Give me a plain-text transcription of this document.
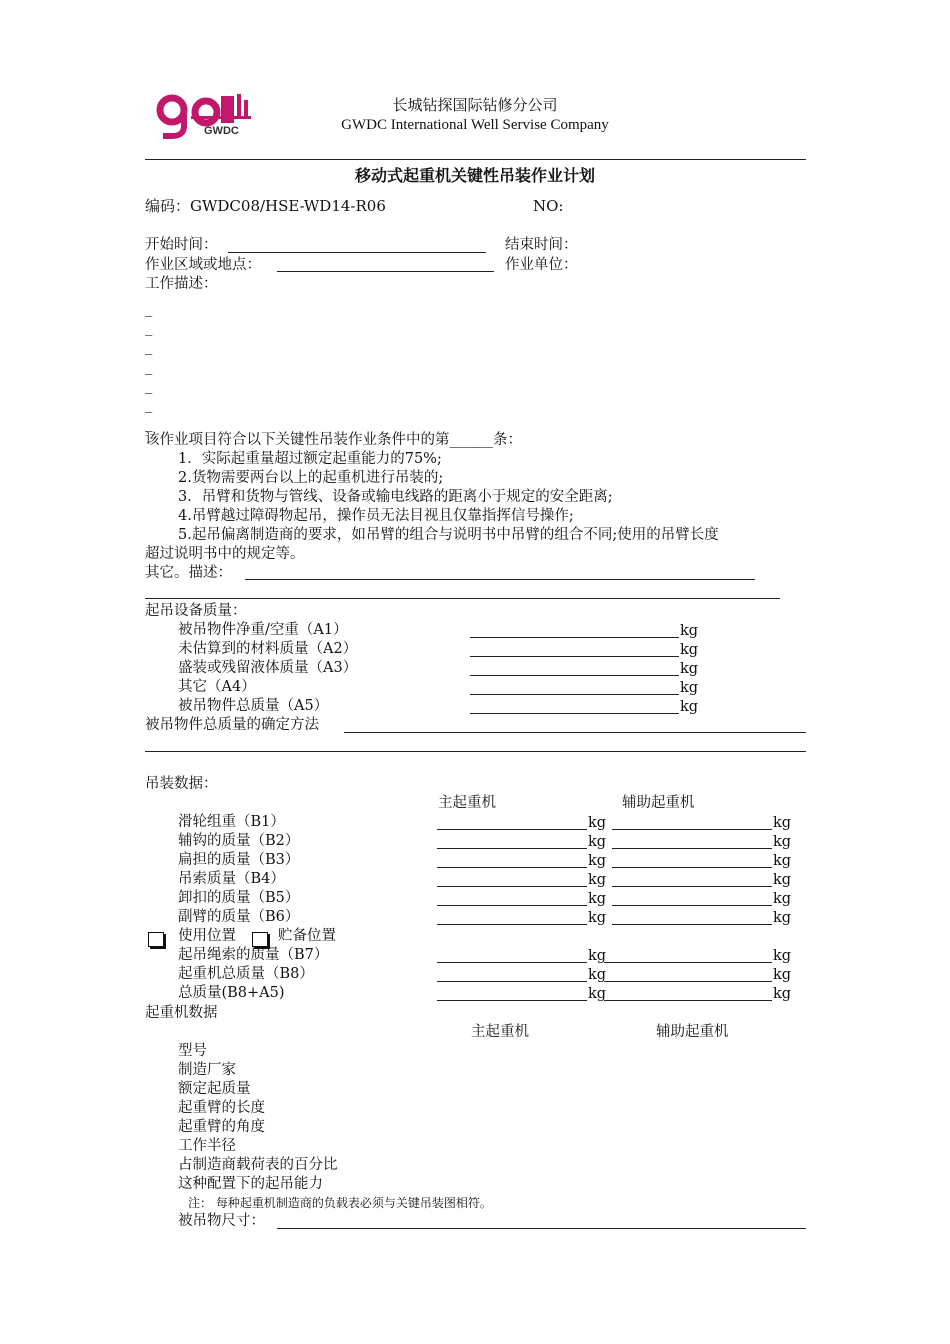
GWDC
长城钻探国际钻修分公司
GWDC International Well Servise Company
移动式起重机关键性吊装作业计划
编码：GWDC08/HSE-WD14-R06	NO:
开始时间：	结束时间：
作业区域或地点：	作业单位：
工作描述：
_
_
_
_
_
_
_
该作业项目符合以下关键性吊装作业条件中的第______条：
1．实际起重量超过额定起重能力的75%;
2.货物需要两台以上的起重机进行吊装的;
3．吊臂和货物与管线、设备或输电线路的距离小于规定的安全距离;
4.吊臂越过障碍物起吊，操作员无法目视且仅靠指挥信号操作;
5.起吊偏离制造商的要求，如吊臂的组合与说明书中吊臂的组合不同;使用的吊臂长度
超过说明书中的规定等。
其它。描述：
起吊设备质量：
被吊物件净重/空重（A1）	kg
未估算到的材料质量（A2）	kg
盛装或残留液体质量（A3）	kg
其它（A4）	kg
被吊物件总质量（A5）	kg
被吊物件总质量的确定方法
吊装数据：
主起重机	辅助起重机
滑轮组重（B1）	kg	kg
辅钩的质量（B2）	kg	kg
扁担的质量（B3）	kg	kg
吊索质量（B4）	kg	kg
卸扣的质量（B5）	kg	kg
副臂的质量（B6）	kg	kg
使用位置	贮备位置
起吊绳索的质量（B7）	kg	kg
起重机总质量（B8）	kg	kg
总质量(B8+A5)	kg	kg
起重机数据
主起重机	辅助起重机
型号
制造厂家
额定起质量
起重臂的长度
起重臂的角度
工作半径
占制造商载荷表的百分比
这种配置下的起吊能力
注： 每种起重机制造商的负载表必须与关键吊装图相符。
被吊物尺寸：
